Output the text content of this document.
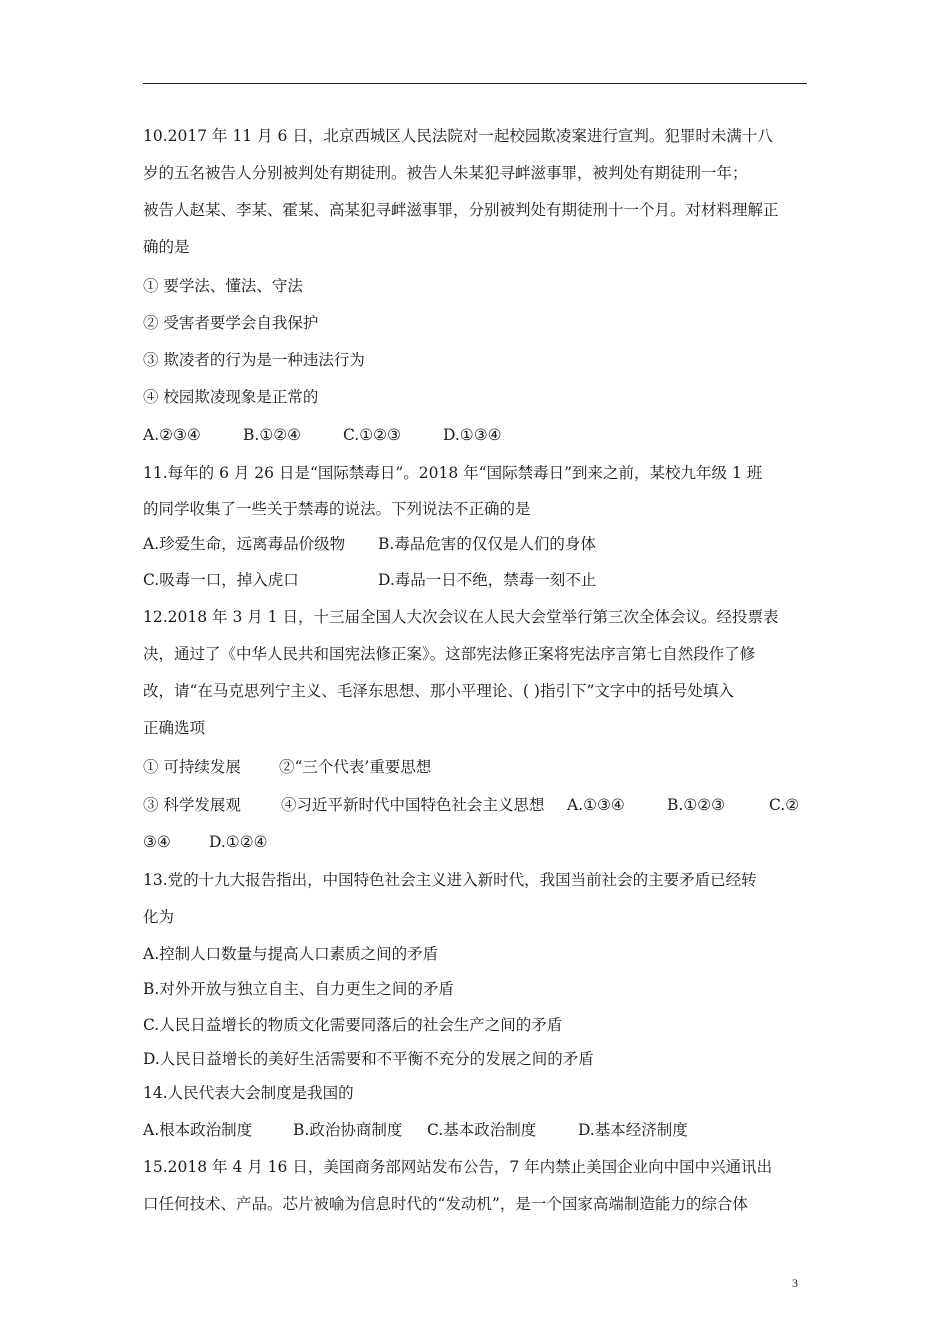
10.2017 年 11 月 6 日，北京西城区人民法院对一起校园欺凌案进行宣判。犯罪时未满十八
岁的五名被告人分别被判处有期徒刑。被告人朱某犯寻衅滋事罪，被判处有期徒刑一年；
被告人赵某、李某、霍某、高某犯寻衅滋事罪，分别被判处有期徒刑十一个月。对材料理解正
确的是
① 要学法、懂法、守法
② 受害者要学会自我保护
③ 欺凌者的行为是一种违法行为
④ 校园欺凌现象是正常的
A.②③④	B.①②④	C.①②③	D.①③④
11.每年的 6 月 26 日是“国际禁毒日”。2018 年“国际禁毒日”到来之前，某校九年级 1 班
的同学收集了一些关于禁毒的说法。下列说法不正确的是
A.珍爱生命，远离毒品价级物 B.毒品危害的仅仅是人们的身体
C.吸毒一口，掉入虎口	D.毒品一日不绝，禁毒一刻不止
12.2018 年 3 月 1 日，十三届全国人大次会议在人民大会堂举行第三次全体会议。经投票表
决，通过了《中华人民共和国宪法修正案》。这部宪法修正案将宪法序言第七自然段作了修
改，请“在马克思列宁主义、毛泽东思想、那小平理论、( )指引下”文字中的括号处填入
正确选项
① 可持续发展 ②“三个代表’重要思想
③ 科学发展观	④习近平新时代中国特色社会主义思想 A.①③④	B.①②③	C.②
③④ D.①②④
13.党的十九大报告指出，中国特色社会主义进入新时代，我国当前社会的主要矛盾已经转
化为
A.控制人口数量与提高人口素质之间的矛盾
B.对外开放与独立自主、自力更生之间的矛盾
C.人民日益增长的物质文化需要同落后的社会生产之间的矛盾
D.人民日益增长的美好生活需要和不平衡不充分的发展之间的矛盾
14.人民代表大会制度是我国的
A.根本政治制度	B.政治协商制度 C.基本政治制度	D.基本经济制度
15.2018 年 4 月 16 日，美国商务部网站发布公告，7 年内禁止美国企业向中国中兴通讯出
口任何技术、产品。芯片被喻为信息时代的“发动机”，是一个国家高端制造能力的综合体
3
